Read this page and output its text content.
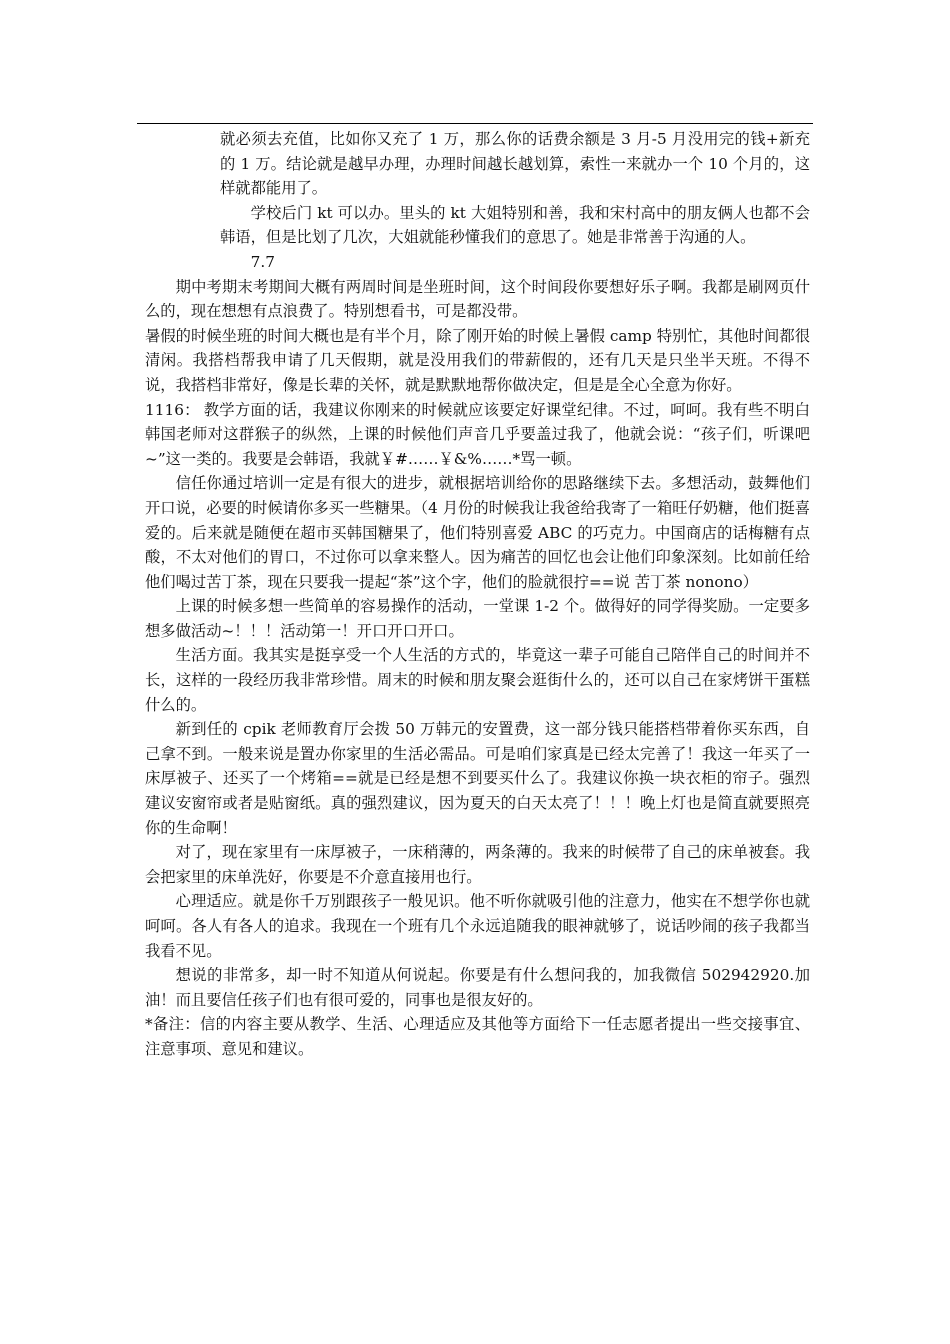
就必须去充值，比如你又充了 1 万，那么你的话费余额是 3 月-5 月没用完的钱+新充的 1 万。结论就是越早办理，办理时间越长越划算，索性一来就办一个 10 个月的，这样就都能用了。

学校后门 kt 可以办。里头的 kt 大姐特别和善，我和宋村高中的朋友俩人也都不会韩语，但是比划了几次，大姐就能秒懂我们的意思了。她是非常善于沟通的人。

7.7

期中考期末考期间大概有两周时间是坐班时间，这个时间段你要想好乐子啊。我都是刷网页什么的，现在想想有点浪费了。特别想看书，可是都没带。

暑假的时候坐班的时间大概也是有半个月，除了刚开始的时候上暑假 camp 特别忙，其他时间都很清闲。我搭档帮我申请了几天假期，就是没用我们的带薪假的，还有几天是只坐半天班。不得不说，我搭档非常好，像是长辈的关怀，就是默默地帮你做决定，但是是全心全意为你好。

1116： 教学方面的话，我建议你刚来的时候就应该要定好课堂纪律。不过，呵呵。我有些不明白韩国老师对这群猴子的纵然，上课的时候他们声音几乎要盖过我了，他就会说：“孩子们，听课吧~”这一类的。我要是会韩语，我就￥#……￥&%……*骂一顿。

信任你通过培训一定是有很大的进步，就根据培训给你的思路继续下去。多想活动，鼓舞他们开口说，必要的时候请你多买一些糖果。（4 月份的时候我让我爸给我寄了一箱旺仔奶糖，他们挺喜爱的。后来就是随便在超市买韩国糖果了，他们特别喜爱 ABC 的巧克力。中国商店的话梅糖有点酸，不太对他们的胃口，不过你可以拿来整人。因为痛苦的回忆也会让他们印象深刻。比如前任给他们喝过苦丁茶，现在只要我一提起“茶”这个字，他们的脸就很拧==说 苦丁茶 nonono）

上课的时候多想一些简单的容易操作的活动，一堂课 1-2 个。做得好的同学得奖励。一定要多想多做活动~！！！活动第一！开口开口开口。

生活方面。我其实是挺享受一个人生活的方式的，毕竟这一辈子可能自己陪伴自己的时间并不长，这样的一段经历我非常珍惜。周末的时候和朋友聚会逛街什么的，还可以自己在家烤饼干蛋糕什么的。

新到任的 cpik 老师教育厅会拨 50 万韩元的安置费，这一部分钱只能搭档带着你买东西，自己拿不到。一般来说是置办你家里的生活必需品。可是咱们家真是已经太完善了！我这一年买了一床厚被子、还买了一个烤箱==就是已经是想不到要买什么了。我建议你换一块衣柜的帘子。强烈建议安窗帘或者是贴窗纸。真的强烈建议，因为夏天的白天太亮了！！！晚上灯也是简直就要照亮你的生命啊！

对了，现在家里有一床厚被子，一床稍薄的，两条薄的。我来的时候带了自己的床单被套。我会把家里的床单洗好，你要是不介意直接用也行。

心理适应。就是你千万别跟孩子一般见识。他不听你就吸引他的注意力，他实在不想学你也就呵呵。各人有各人的追求。我现在一个班有几个永远追随我的眼神就够了，说话吵闹的孩子我都当我看不见。

想说的非常多，却一时不知道从何说起。你要是有什么想问我的，加我微信 502942920.加油！而且要信任孩子们也有很可爱的，同事也是很友好的。

*备注：信的内容主要从教学、生活、心理适应及其他等方面给下一任志愿者提出一些交接事宜、注意事项、意见和建议。
